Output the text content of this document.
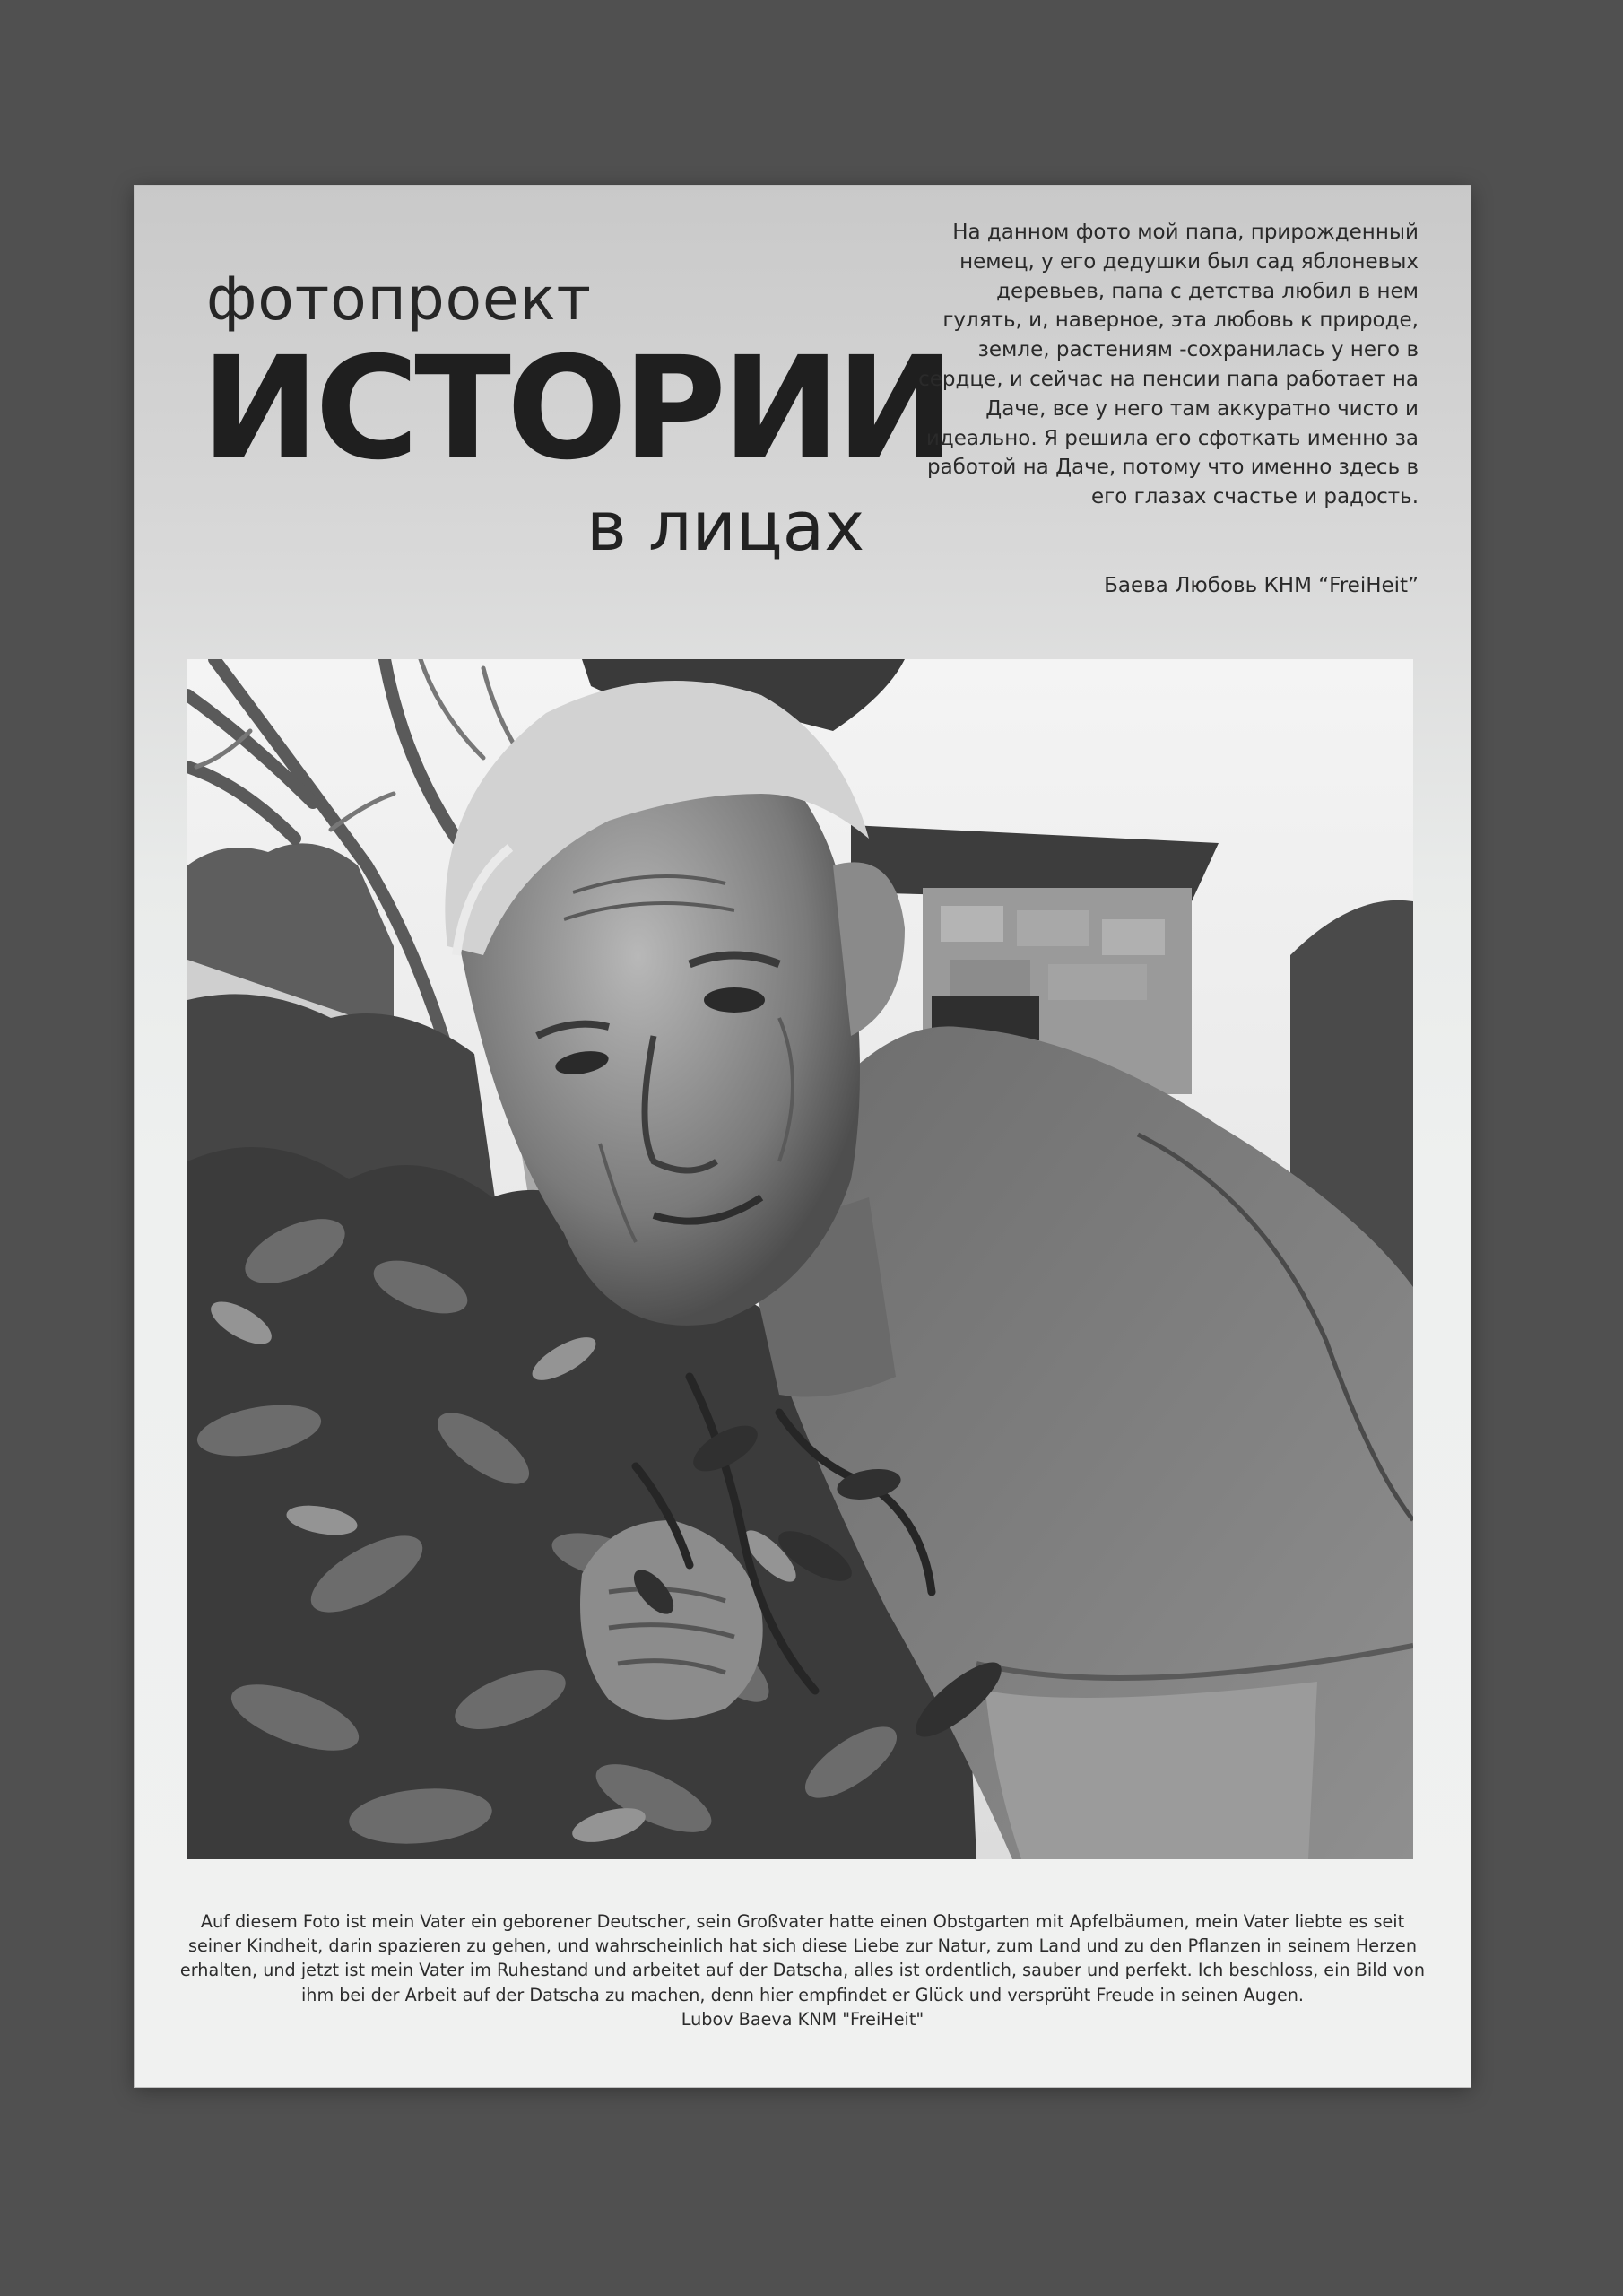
фотопроект
ИСТОРИИ
в лицах
На данном фото мой папа, прирожденный немец, у его дедушки был сад яблоневых деревьев, папа с детства любил в нем гулять, и, наверное, эта любовь к природе, земле, растениям -сохранилась у него в сердце, и сейчас на пенсии папа работает на Даче, все у него там аккуратно чисто и идеально. Я решила его сфоткать именно за работой на Даче, потому что именно здесь в его глазах счастье и радость.
Баева Любовь КНМ “FreiHeit”
Auf diesem Foto ist mein Vater ein geborener Deutscher, sein Großvater hatte einen Obstgarten mit Apfelbäumen, mein Vater liebte es seit seiner Kindheit, darin spazieren zu gehen, und wahrscheinlich hat sich diese Liebe zur Natur, zum Land und zu den Pflanzen in seinem Herzen erhalten, und jetzt ist mein Vater im Ruhestand und arbeitet auf der Datscha, alles ist ordentlich, sauber und perfekt. Ich beschloss, ein Bild von ihm bei der Arbeit auf der Datscha zu machen, denn hier empfindet er Glück und versprüht Freude in seinen Augen.
Lubov Baeva KNM "FreiHeit"
